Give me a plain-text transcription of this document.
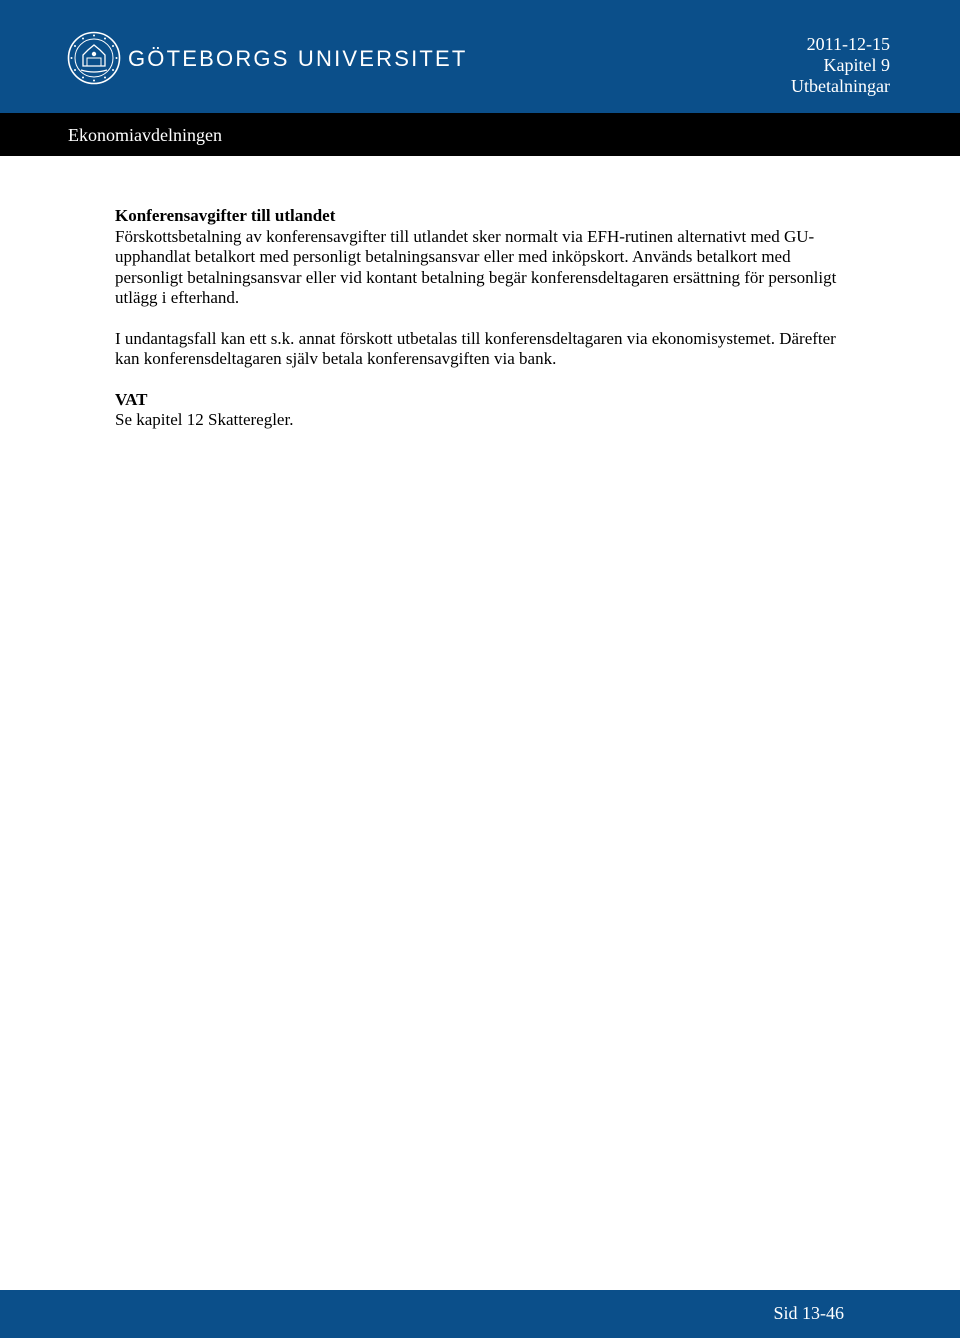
GÖTEBORGS UNIVERSITET
2011-12-15
Kapitel 9
Utbetalningar
Ekonomiavdelningen

Konferensavgifter till utlandet

Förskottsbetalning av konferensavgifter till utlandet sker normalt via EFH-rutinen alternativt med GU-upphandlat betalkort med personligt betalningsansvar eller med inköpskort. Används betalkort med personligt betalningsansvar eller vid kontant betalning begär konferensdeltagaren ersättning för personligt utlägg i efterhand.

I undantagsfall kan ett s.k. annat förskott utbetalas till konferensdeltagaren via ekonomisystemet. Därefter kan konferensdeltagaren själv betala konferensavgiften via bank.

VAT

Se kapitel 12 Skatteregler.

Sid 13-46
